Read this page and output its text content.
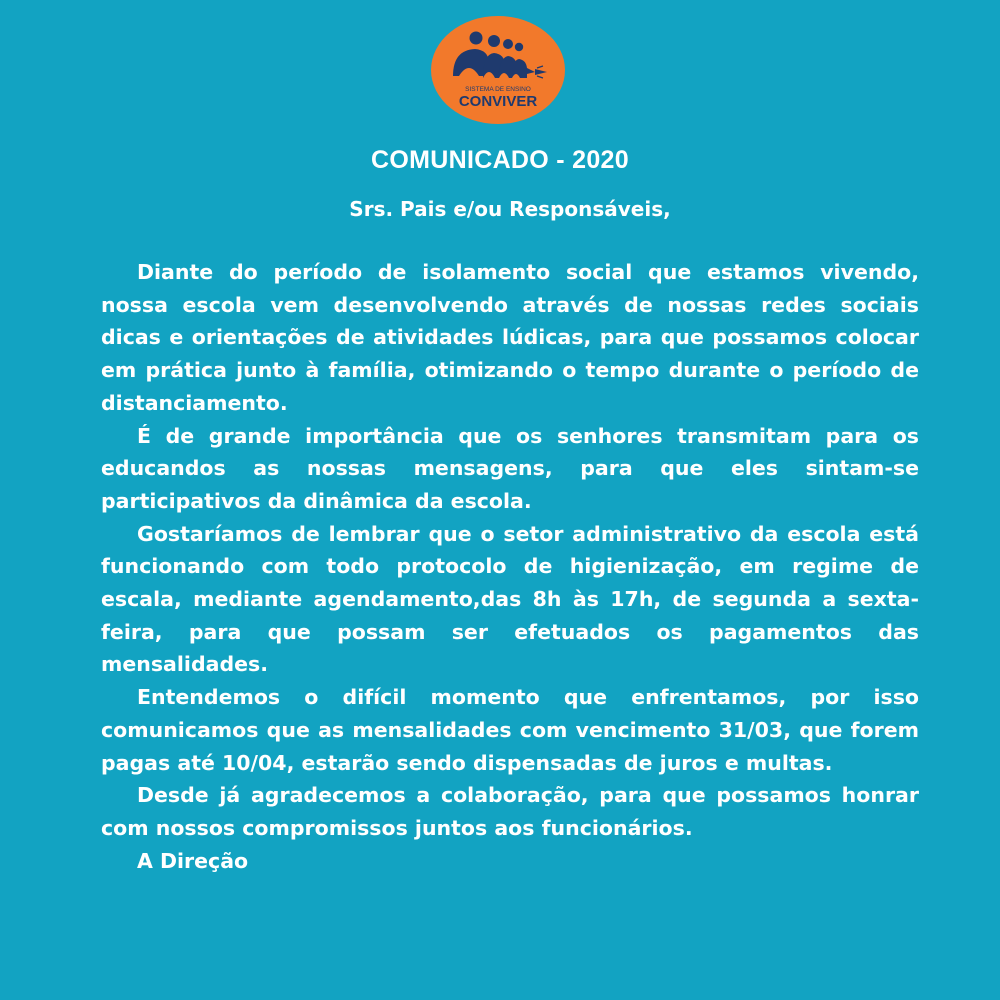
SISTEMA DE ENSINO
CONVIVER
COMUNICADO - 2020
Srs. Pais e/ou Responsáveis,

Diante do período de isolamento social que estamos vivendo, nossa escola vem desenvolvendo através de nossas redes sociais dicas e orientações de atividades lúdicas, para que possamos colocar em prática junto à família, otimizando o tempo durante o período de distanciamento.

É de grande importância que os senhores transmitam para os educandos as nossas mensagens, para que eles sintam-se participativos da dinâmica da escola.

Gostaríamos de lembrar que o setor administrativo da escola está funcionando com todo protocolo de higienização, em regime de escala, mediante agendamento,das 8h às 17h, de segunda a sexta-feira, para que possam ser efetuados os pagamentos das mensalidades.

Entendemos o difícil momento que enfrentamos, por isso comunicamos que as mensalidades com vencimento 31/03, que forem pagas até 10/04, estarão sendo dispensadas de juros e multas.

Desde já agradecemos a colaboração, para que possamos honrar com nossos compromissos juntos aos funcionários.

A Direção
